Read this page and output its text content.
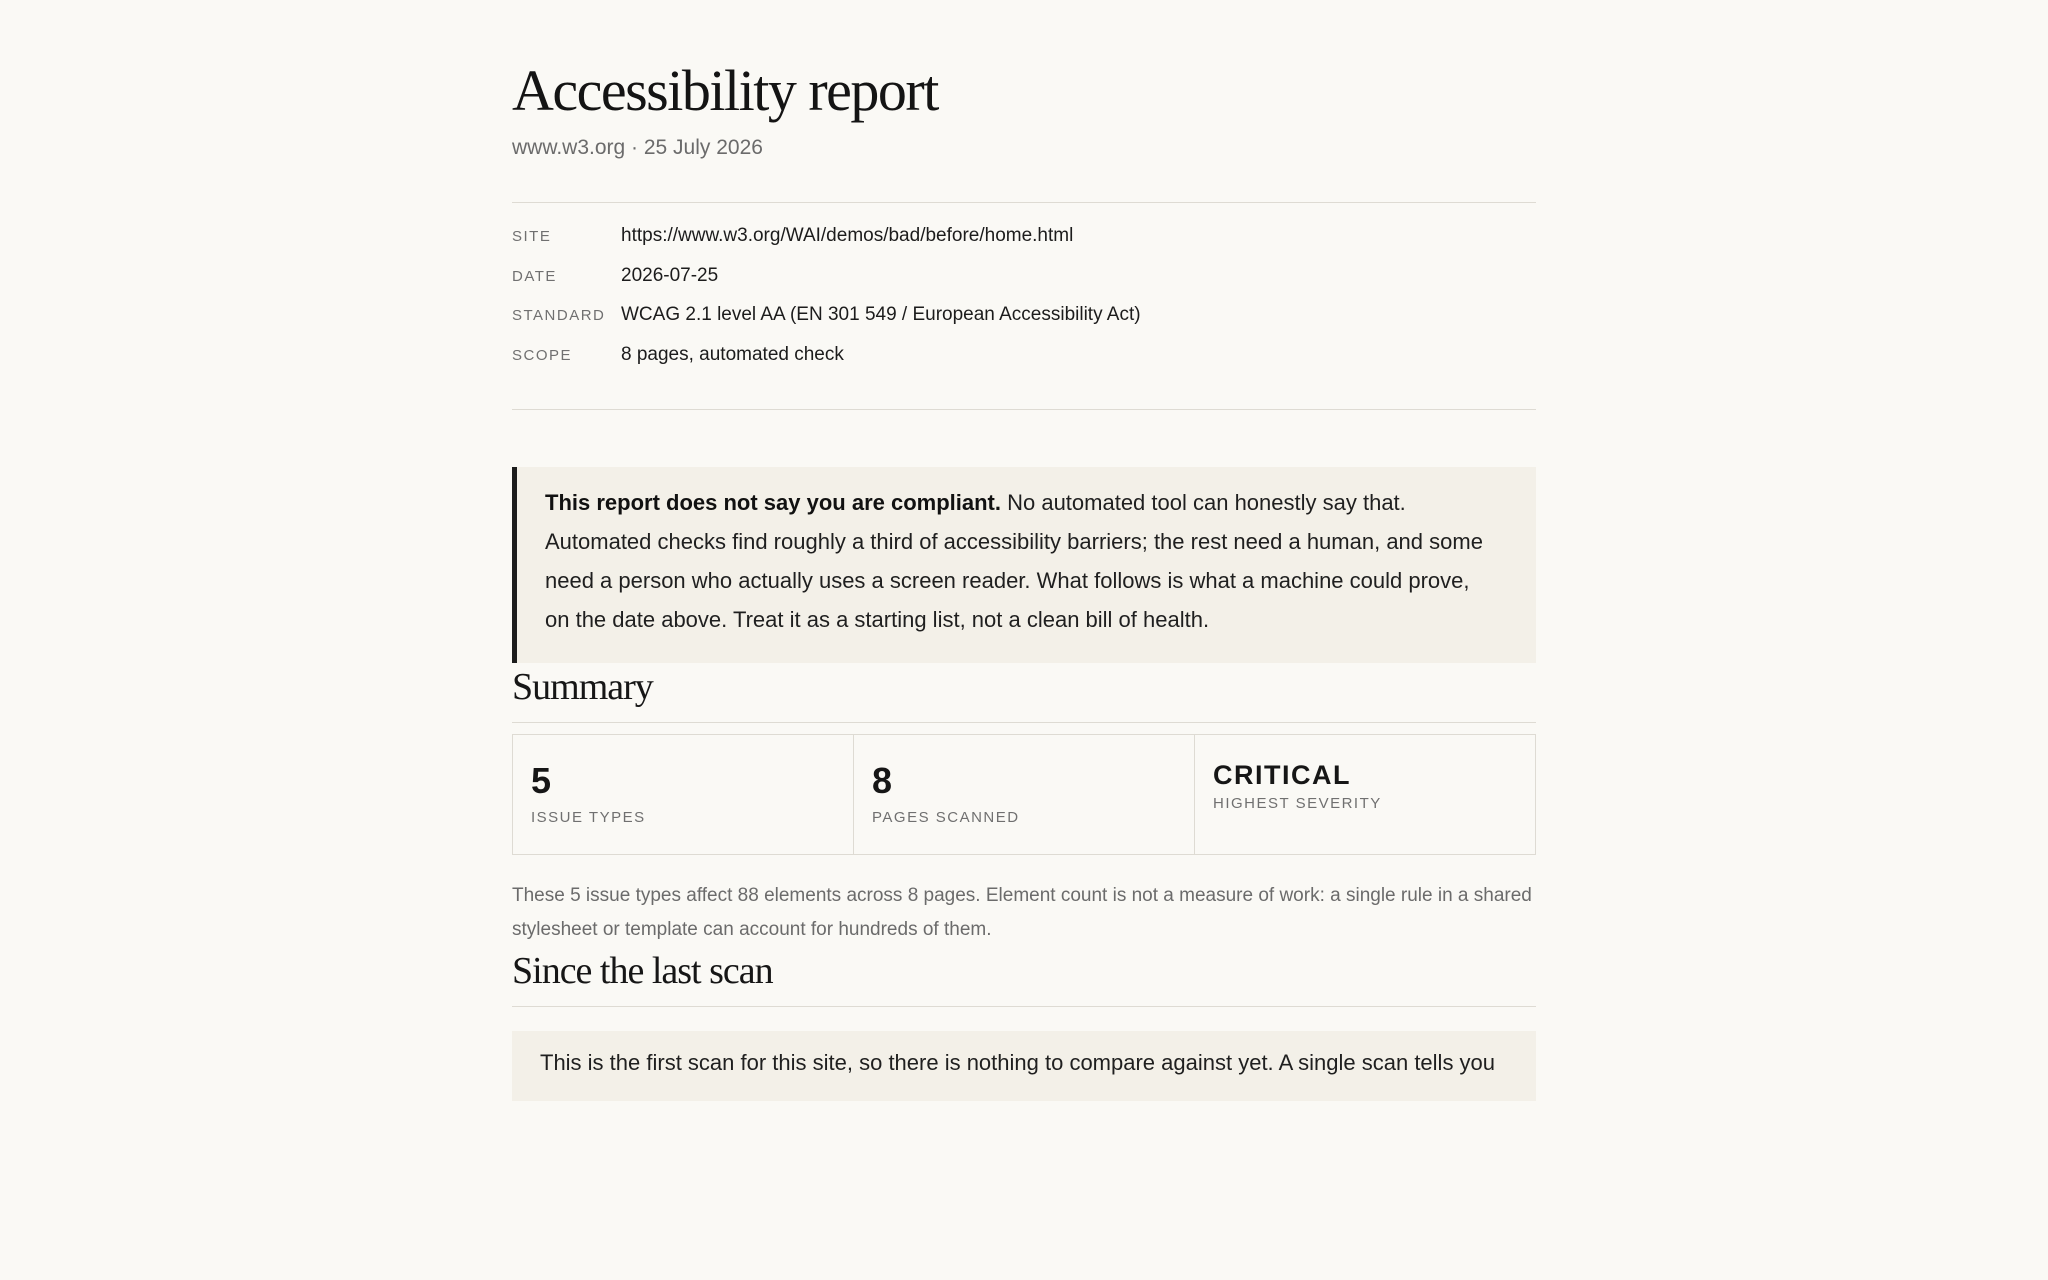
Accessibility report
www.w3.org · 25 July 2026
SITE	https://www.w3.org/WAI/demos/bad/before/home.html
DATE	2026-07-25
STANDARD WCAG 2.1 level AA (EN 301 549 / European Accessibility Act)
SCOPE	8 pages, automated check
This report does not say you are compliant. No automated tool can honestly say that. Automated checks find roughly a third of accessibility barriers; the rest need a human, and some need a person who actually uses a screen reader. What follows is what a machine could prove, on the date above. Treat it as a starting list, not a clean bill of health.
Summary
5
ISSUE TYPES
8
PAGES SCANNED
CRITICAL
HIGHEST SEVERITY
These 5 issue types affect 88 elements across 8 pages. Element count is not a measure of work: a single rule in a shared stylesheet or template can account for hundreds of them.
Since the last scan
This is the first scan for this site, so there is nothing to compare against yet. A single scan tells you
